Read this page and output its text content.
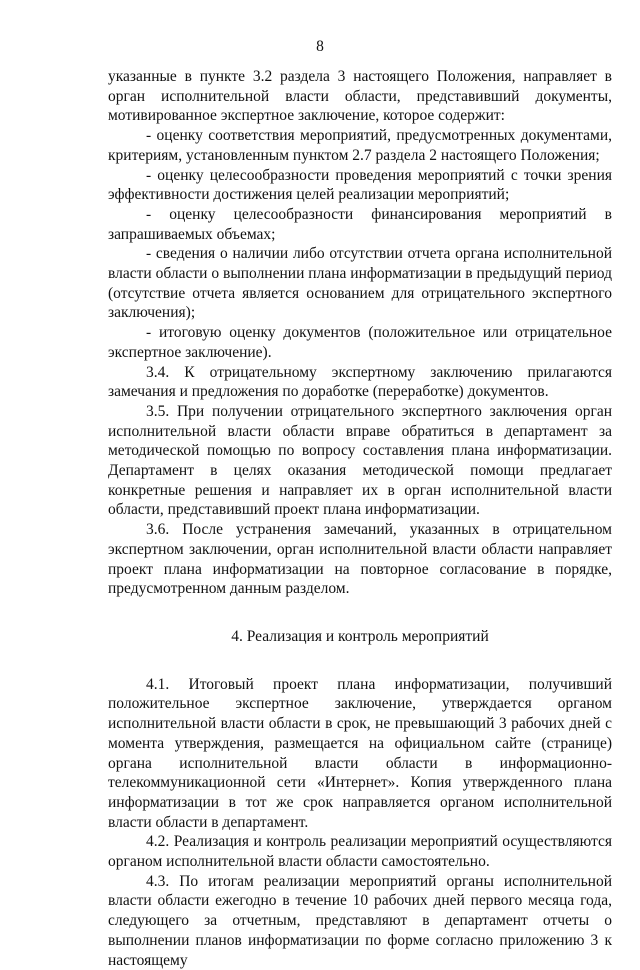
8

указанные в пункте 3.2 раздела 3 настоящего Положения, направляет в орган исполнительной власти области, представивший документы, мотивированное экспертное заключение, которое содержит:

- оценку соответствия мероприятий, предусмотренных документами, критериям, установленным пунктом 2.7 раздела 2 настоящего Положения;

- оценку целесообразности проведения мероприятий с точки зрения эффективности достижения целей реализации мероприятий;

- оценку целесообразности финансирования мероприятий в запрашиваемых объемах;

- сведения о наличии либо отсутствии отчета органа исполнительной власти области о выполнении плана информатизации в предыдущий период (отсутствие отчета является основанием для отрицательного экспертного заключения);

- итоговую оценку документов (положительное или отрицательное экспертное заключение).

3.4. К отрицательному экспертному заключению прилагаются замечания и предложения по доработке (переработке) документов.

3.5. При получении отрицательного экспертного заключения орган исполнительной власти области вправе обратиться в департамент за методической помощью по вопросу составления плана информатизации. Департамент в целях оказания методической помощи предлагает конкретные решения и направляет их в орган исполнительной власти области, представивший проект плана информатизации.

3.6. После устранения замечаний, указанных в отрицательном экспертном заключении, орган исполнительной власти области направляет проект плана информатизации на повторное согласование в порядке, предусмотренном данным разделом.

4. Реализация и контроль мероприятий

4.1. Итоговый проект плана информатизации, получивший положительное экспертное заключение, утверждается органом исполнительной власти области в срок, не превышающий 3 рабочих дней с момента утверждения, размещается на официальном сайте (странице) органа исполнительной власти области в информационно-телекоммуникационной сети «Интернет». Копия утвержденного плана информатизации в тот же срок направляется органом исполнительной власти области в департамент.

4.2. Реализация и контроль реализации мероприятий осуществляются органом исполнительной власти области самостоятельно.

4.3. По итогам реализации мероприятий органы исполнительной власти области ежегодно в течение 10 рабочих дней первого месяца года, следующего за отчетным, представляют в департамент отчеты о выполнении планов информатизации по форме согласно приложению 3 к настоящему
